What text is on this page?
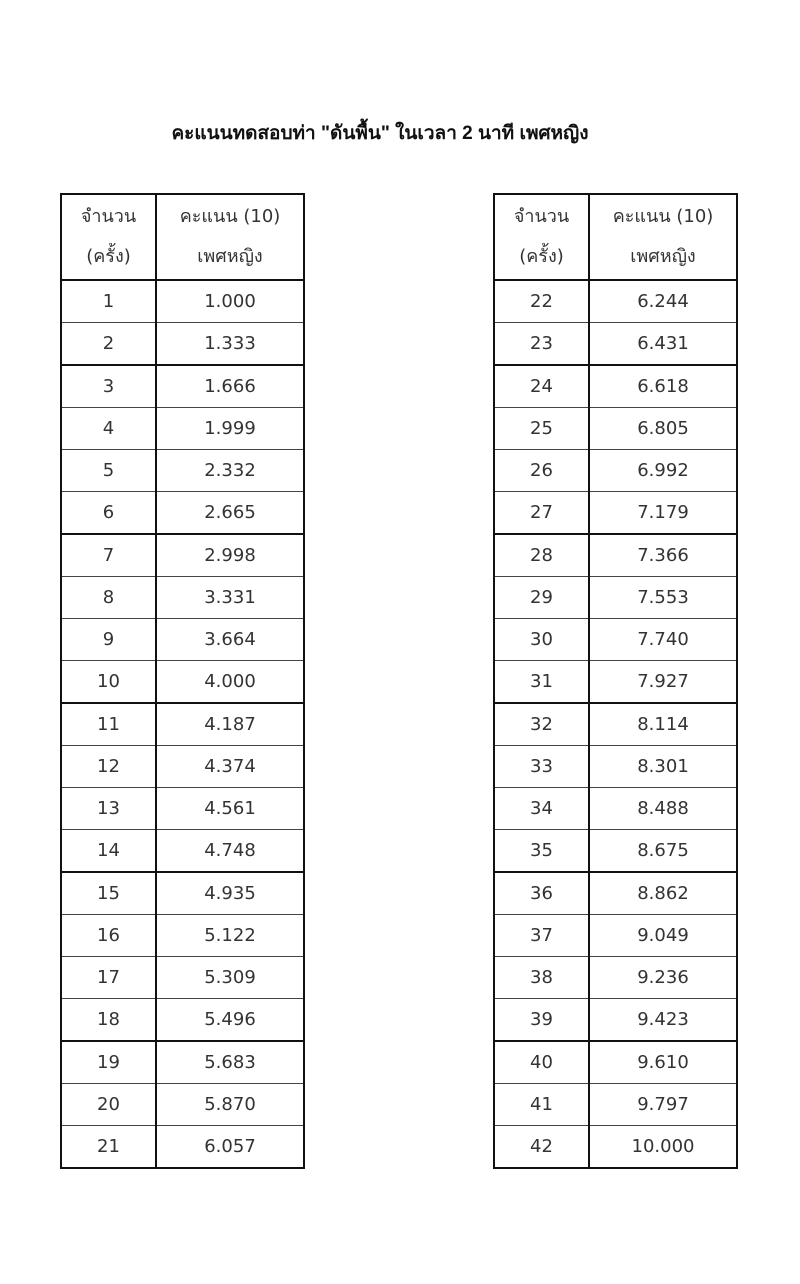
คะแนนทดสอบท่า "ดันพื้น" ในเวลา 2 นาที เพศหญิง
จำนวน
(ครั้ง)

คะแนน (10)
เพศหญิง

1	1.000
2	1.333
3	1.666
4	1.999
5	2.332
6	2.665
7	2.998
8	3.331
9	3.664
10	4.000
11	4.187
12	4.374
13	4.561
14	4.748
15	4.935
16	5.122
17	5.309
18	5.496
19	5.683
20	5.870
21	6.057
จำนวน
(ครั้ง)

คะแนน (10)
เพศหญิง

22	6.244
23	6.431
24	6.618
25	6.805
26	6.992
27	7.179
28	7.366
29	7.553
30	7.740
31	7.927
32	8.114
33	8.301
34	8.488
35	8.675
36	8.862
37	9.049
38	9.236
39	9.423
40	9.610
41	9.797
42	10.000
